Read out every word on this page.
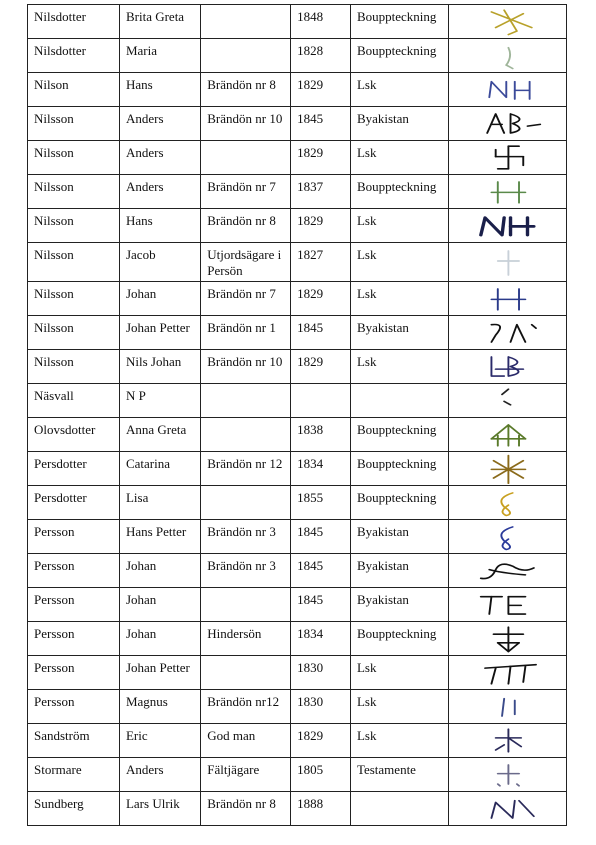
Nilsdotter	Brita Greta		1848	Bouppteckning	

Nilsdotter	Maria		1828	Bouppteckning	

Nilson	Hans	Brändön nr 8	1829	Lsk	

Nilsson	Anders	Brändön nr 10	1845	Byakistan	

Nilsson	Anders		1829	Lsk	

Nilsson	Anders	Brändön nr 7	1837	Bouppteckning	

Nilsson	Hans	Brändön nr 8	1829	Lsk	

Nilsson	Jacob	Utjordsägare i Persön	1827	Lsk	

Nilsson	Johan	Brändön nr 7	1829	Lsk	

Nilsson	Johan Petter	Brändön nr 1	1845	Byakistan	

Nilsson	Nils Johan	Brändön nr 10	1829	Lsk	

Näsvall	N P				

Olovsdotter	Anna Greta		1838	Bouppteckning	

Persdotter	Catarina	Brändön nr 12	1834	Bouppteckning	

Persdotter	Lisa		1855	Bouppteckning	

Persson	Hans Petter	Brändön nr 3	1845	Byakistan	

Persson	Johan	Brändön nr 3	1845	Byakistan	

Persson	Johan		1845	Byakistan	

Persson	Johan	Hindersön	1834	Bouppteckning	

Persson	Johan Petter		1830	Lsk	

Persson	Magnus	Brändön nr12	1830	Lsk	

Sandström	Eric	God man	1829	Lsk	

Stormare	Anders	Fältjägare	1805	Testamente	

Sundberg	Lars Ulrik	Brändön nr 8	1888		
